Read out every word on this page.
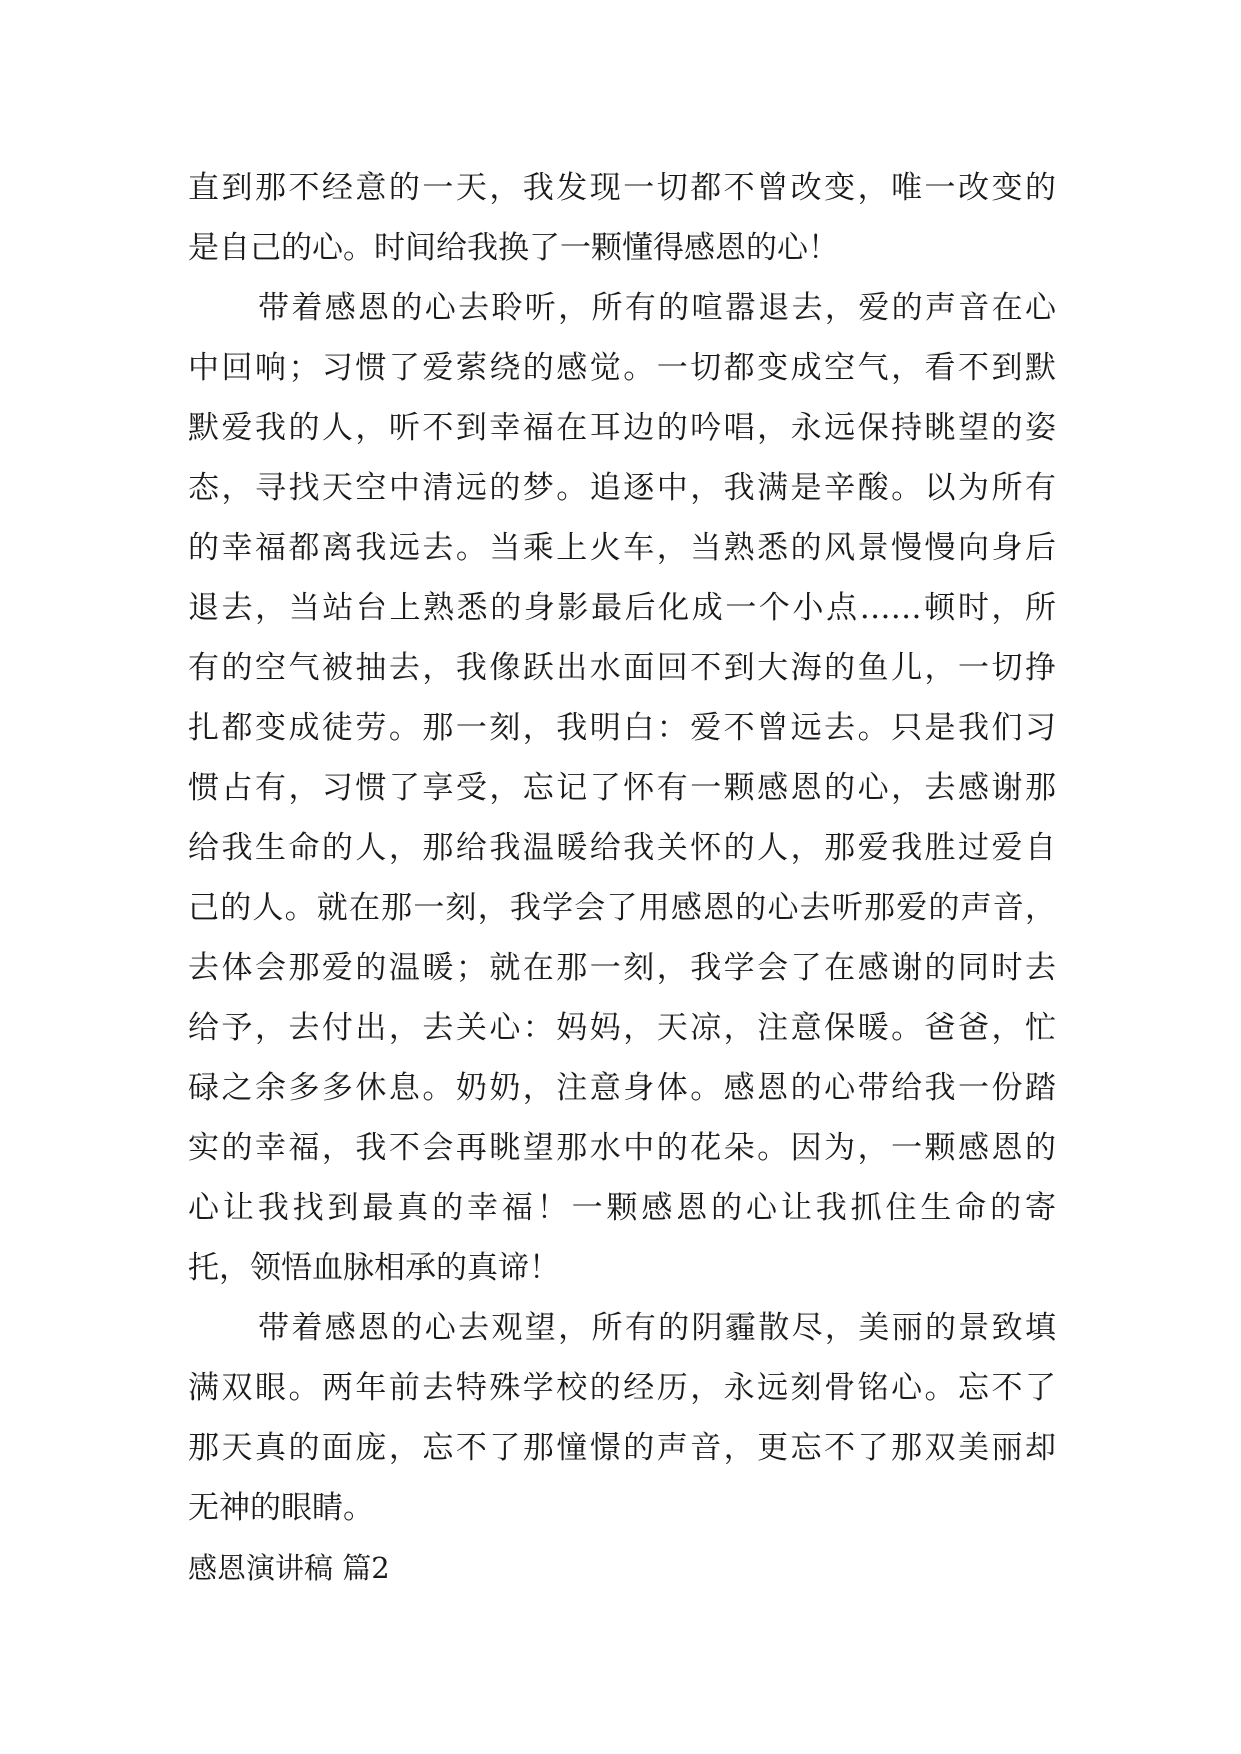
直到那不经意的一天，我发现一切都不曾改变，唯一改变的
是自己的心。时间给我换了一颗懂得感恩的心！
带着感恩的心去聆听，所有的喧嚣退去，爱的声音在心
中回响；习惯了爱萦绕的感觉。一切都变成空气，看不到默
默爱我的人，听不到幸福在耳边的吟唱，永远保持眺望的姿
态，寻找天空中清远的梦。追逐中，我满是辛酸。以为所有
的幸福都离我远去。当乘上火车，当熟悉的风景慢慢向身后
退去，当站台上熟悉的身影最后化成一个小点……顿时，所
有的空气被抽去，我像跃出水面回不到大海的鱼儿，一切挣
扎都变成徒劳。那一刻，我明白：爱不曾远去。只是我们习
惯占有，习惯了享受，忘记了怀有一颗感恩的心，去感谢那
给我生命的人，那给我温暖给我关怀的人，那爱我胜过爱自
己的人。就在那一刻，我学会了用感恩的心去听那爱的声音，
去体会那爱的温暖；就在那一刻，我学会了在感谢的同时去
给予，去付出，去关心：妈妈，天凉，注意保暖。爸爸，忙
碌之余多多休息。奶奶，注意身体。感恩的心带给我一份踏
实的幸福，我不会再眺望那水中的花朵。因为，一颗感恩的
心让我找到最真的幸福！一颗感恩的心让我抓住生命的寄
托，领悟血脉相承的真谛！
带着感恩的心去观望，所有的阴霾散尽，美丽的景致填
满双眼。两年前去特殊学校的经历，永远刻骨铭心。忘不了
那天真的面庞，忘不了那憧憬的声音，更忘不了那双美丽却
无神的眼睛。
感恩演讲稿 篇2
